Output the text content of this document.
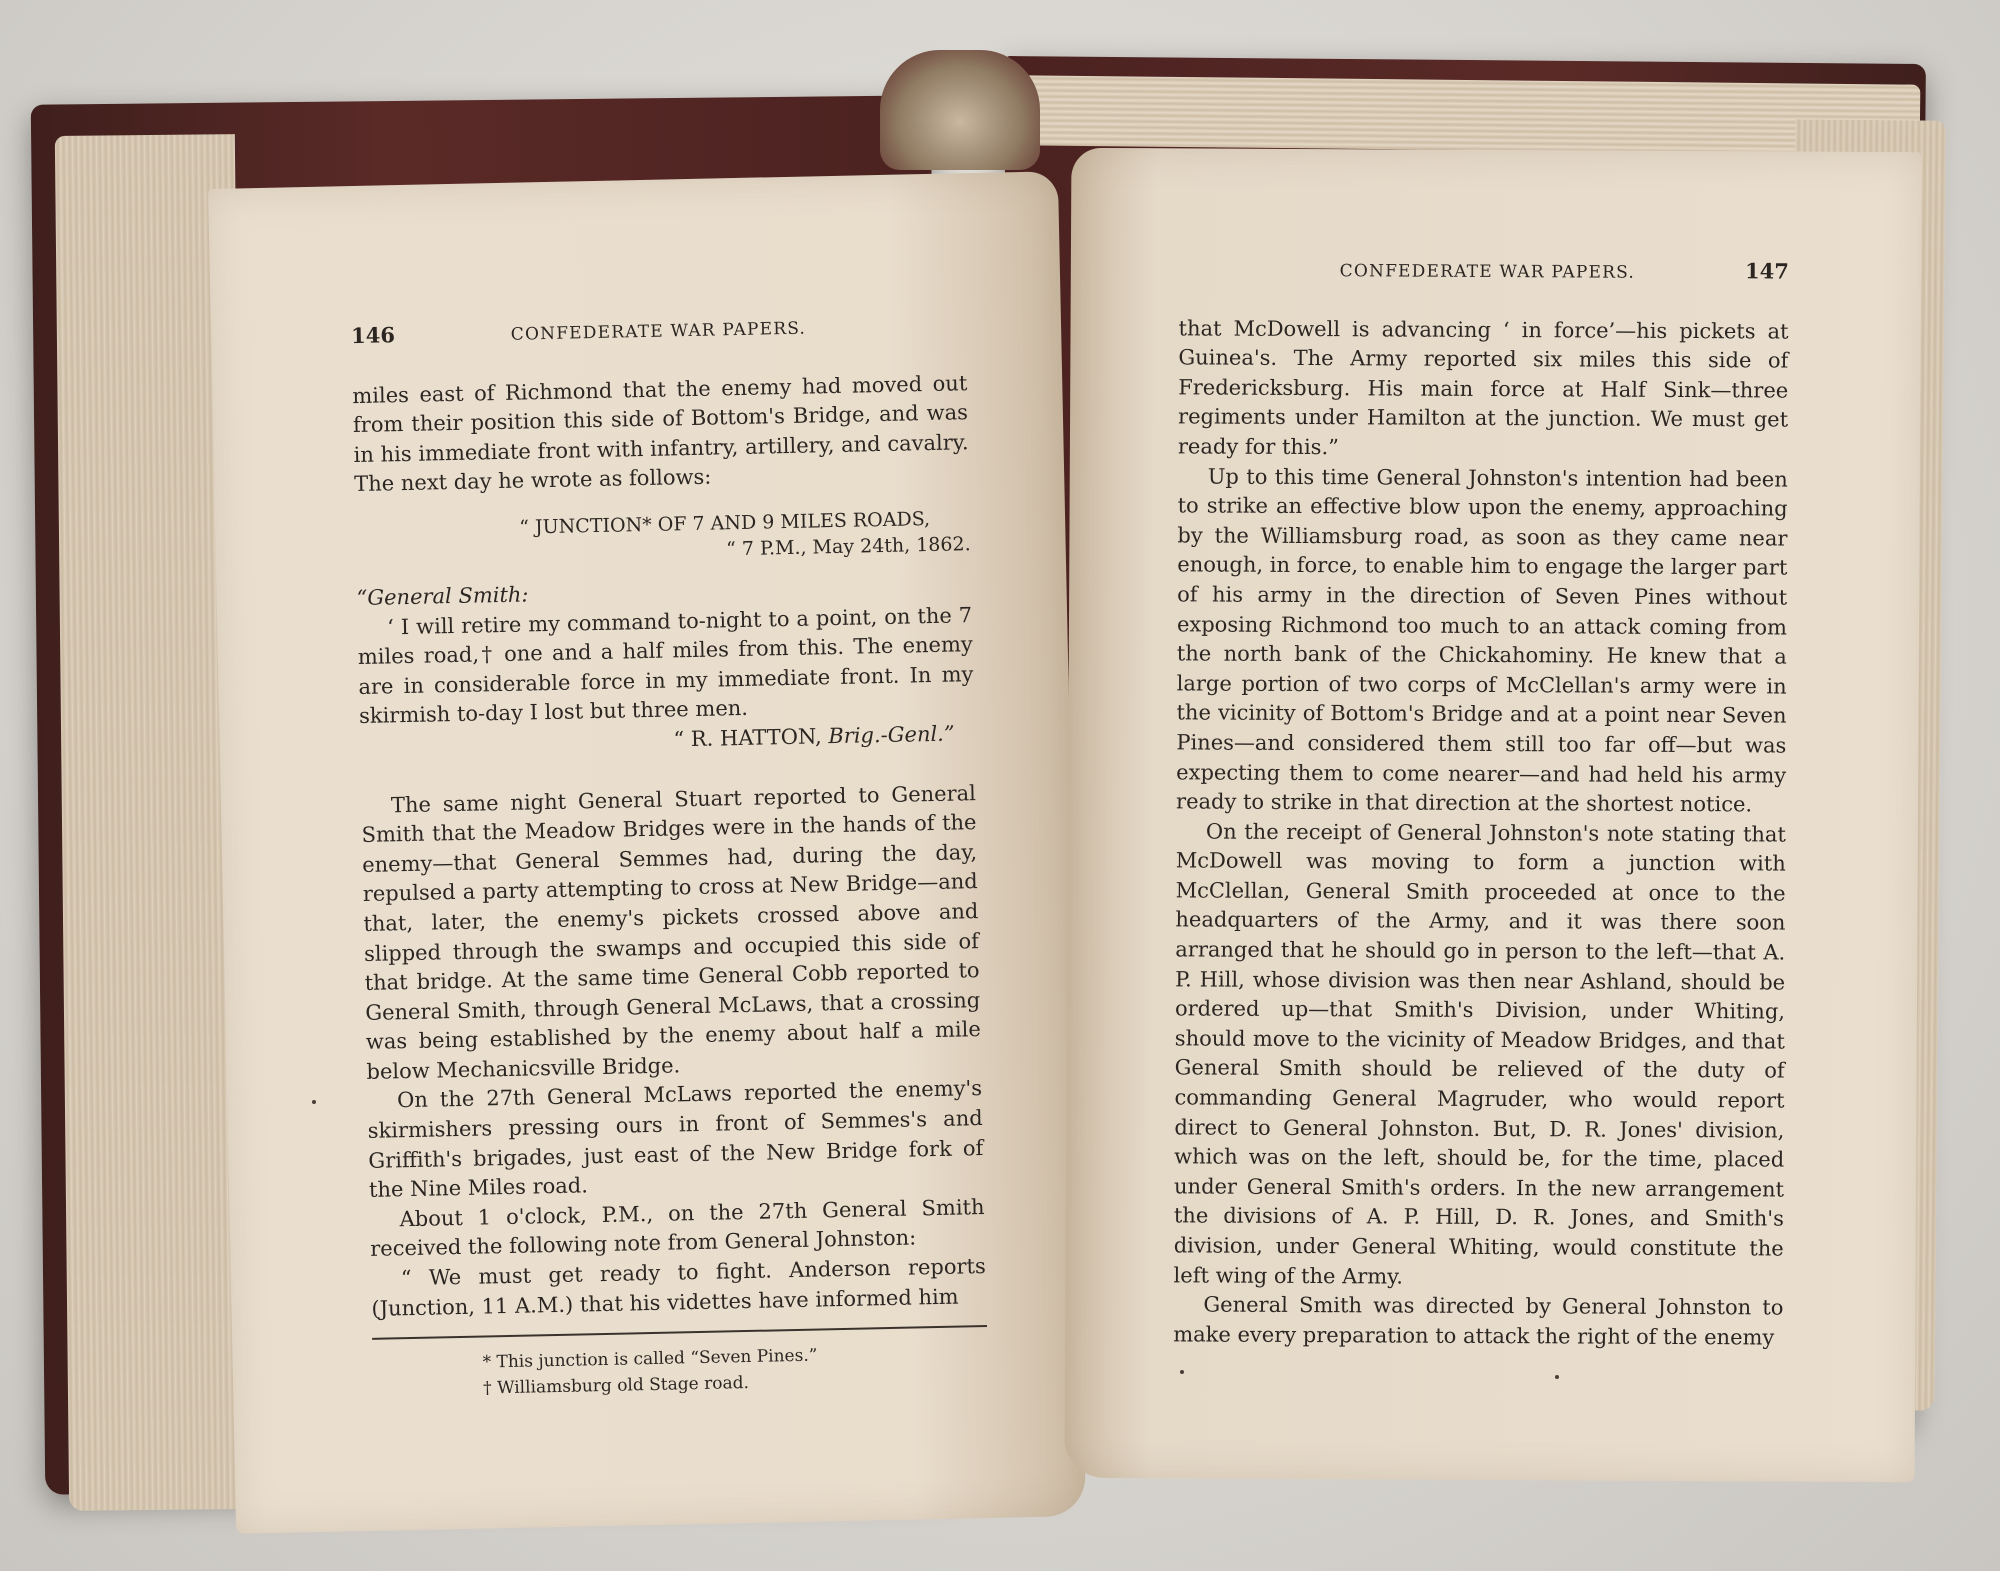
146	CONFEDERATE WAR PAPERS.

miles east of Richmond that the enemy had moved out from their position this side of Bottom's Bridge, and was in his immediate front with infantry, artillery, and cavalry. The next day he wrote as follows:

“ JUNCTION* OF 7 AND 9 MILES ROADS,
“ 7 P.M., May 24th, 1862.

“General Smith:

‘ I will retire my command to-night to a point, on the 7 miles road,† one and a half miles from this. The enemy are in considerable force in my immediate front. In my skirmish to-day I lost but three men.

“ R. HATTON, Brig.-Genl.”

The same night General Stuart reported to General Smith that the Meadow Bridges were in the hands of the enemy—that General Semmes had, during the day, repulsed a party attempting to cross at New Bridge—and that, later, the enemy's pickets crossed above and slipped through the swamps and occupied this side of that bridge. At the same time General Cobb reported to General Smith, through General McLaws, that a crossing was being established by the enemy about half a mile below Mechanicsville Bridge.

On the 27th General McLaws reported the enemy's skirmishers pressing ours in front of Semmes's and Griffith's brigades, just east of the New Bridge fork of the Nine Miles road.

About 1 o'clock, P.M., on the 27th General Smith received the following note from General Johnston:

“ We must get ready to fight. Anderson reports (Junction, 11 A.M.) that his videttes have informed him

* This junction is called “Seven Pines.”
† Williamsburg old Stage road.
CONFEDERATE WAR PAPERS.	147

that McDowell is advancing ‘ in force’—his pickets at Guinea's. The Army reported six miles this side of Fredericksburg. His main force at Half Sink—three regiments under Hamilton at the junction. We must get ready for this.”

Up to this time General Johnston's intention had been to strike an effective blow upon the enemy, approaching by the Williamsburg road, as soon as they came near enough, in force, to enable him to engage the larger part of his army in the direction of Seven Pines without exposing Richmond too much to an attack coming from the north bank of the Chickahominy. He knew that a large portion of two corps of McClellan's army were in the vicinity of Bottom's Bridge and at a point near Seven Pines—and considered them still too far off—but was expecting them to come nearer—and had held his army ready to strike in that direction at the shortest notice.

On the receipt of General Johnston's note stating that McDowell was moving to form a junction with McClellan, General Smith proceeded at once to the headquarters of the Army, and it was there soon arranged that he should go in person to the left—that A. P. Hill, whose division was then near Ashland, should be ordered up—that Smith's Division, under Whiting, should move to the vicinity of Meadow Bridges, and that General Smith should be relieved of the duty of commanding General Magruder, who would report direct to General Johnston. But, D. R. Jones' division, which was on the left, should be, for the time, placed under General Smith's orders. In the new arrangement the divisions of A. P. Hill, D. R. Jones, and Smith's division, under General Whiting, would constitute the left wing of the Army.

General Smith was directed by General Johnston to make every preparation to attack the right of the enemy
